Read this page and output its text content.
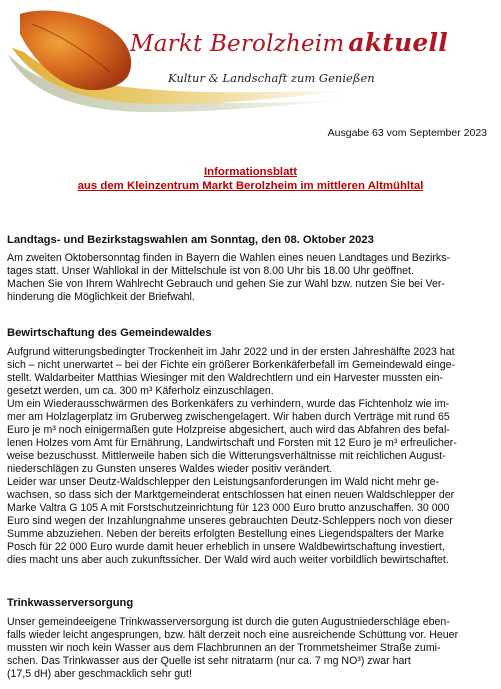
Markt Berolzheim aktuell
Kultur & Landschaft zum Genießen
Ausgabe 63 vom September 2023
Informationsblatt
aus dem Kleinzentrum Markt Berolzheim im mittleren Altmühltal
Landtags- und Bezirkstagswahlen am Sonntag, den 08. Oktober 2023
Am zweiten Oktobersonntag finden in Bayern die Wahlen eines neuen Landtages und Bezirks-
tages statt. Unser Wahllokal in der Mittelschule ist von 8.00 Uhr bis 18.00 Uhr geöffnet.
Machen Sie von Ihrem Wahlrecht Gebrauch und gehen Sie zur Wahl bzw. nutzen Sie bei Ver-
hinderung die Möglichkeit der Briefwahl.
Bewirtschaftung des Gemeindewaldes
Aufgrund witterungsbedingter Trockenheit im Jahr 2022 und in der ersten Jahreshälfte 2023 hat
sich – nicht unerwartet – bei der Fichte ein größerer Borkenkäferbefall im Gemeindewald einge-
stellt. Waldarbeiter Matthias Wiesinger mit den Waldrechtlern und ein Harvester mussten ein-
gesetzt werden, um ca. 300 m³ Käferholz einzuschlagen.
Um ein Wiederausschwärmen des Borkenkäfers zu verhindern, wurde das Fichtenholz wie im-
mer am Holzlagerplatz im Gruberweg zwischengelagert. Wir haben durch Verträge mit rund 65
Euro je m³ noch einigermaßen gute Holzpreise abgesichert, auch wird das Abfahren des befal-
lenen Holzes vom Amt für Ernährung, Landwirtschaft und Forsten mit 12 Euro je m³ erfreulicher-
weise bezuschusst. Mittlerweile haben sich die Witterungsverhältnisse mit reichlichen August-
niederschlägen zu Gunsten unseres Waldes wieder positiv verändert.
Leider war unser Deutz-Waldschlepper den Leistungsanforderungen im Wald nicht mehr ge-
wachsen, so dass sich der Marktgemeinderat entschlossen hat einen neuen Waldschlepper der
Marke Valtra G 105 A mit Forstschutzeinrichtung für 123 000 Euro brutto anzuschaffen. 30 000
Euro sind wegen der Inzahlungnahme unseres gebrauchten Deutz-Schleppers noch von dieser
Summe abzuziehen. Neben der bereits erfolgten Bestellung eines Liegendspalters der Marke
Posch für 22 000 Euro wurde damit heuer erheblich in unsere Waldbewirtschaftung investiert,
dies macht uns aber auch zukunftssicher. Der Wald wird auch weiter vorbildlich bewirtschaftet.
Trinkwasserversorgung
Unser gemeindeeigene Trinkwasserversorgung ist durch die guten Augustniederschläge eben-
falls wieder leicht angesprungen, bzw. hält derzeit noch eine ausreichende Schüttung vor. Heuer
mussten wir noch kein Wasser aus dem Flachbrunnen an der Trommetsheimer Straße zumi-
schen. Das Trinkwasser aus der Quelle ist sehr nitratarm (nur ca. 7 mg NO³) zwar hart
(17,5 dH) aber geschmacklich sehr gut!
